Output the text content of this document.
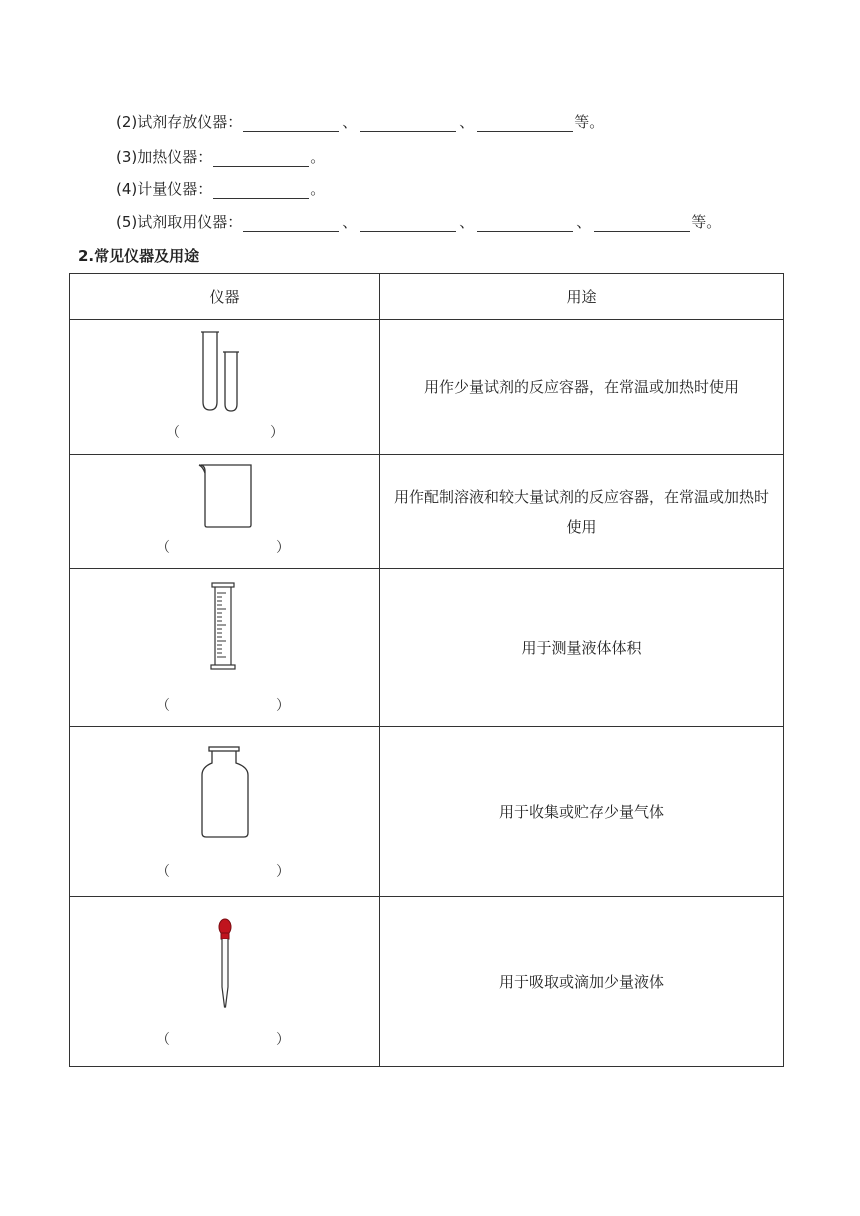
(2)试剂存放仪器：	、	、	等。
(3)加热仪器：	。
(4)计量仪器：	。
(5)试剂取用仪器：	、	、	、	等。
2.常见仪器及用途
仪器	用途

（ ）	用作少量试剂的反应容器，在常温或加热时使用

（ ）	用作配制溶液和较大量试剂的反应容器，在常温或加热时使用

（ ）	用于测量液体体积

（ ）	用于收集或贮存少量气体

（ ）	用于吸取或滴加少量液体
